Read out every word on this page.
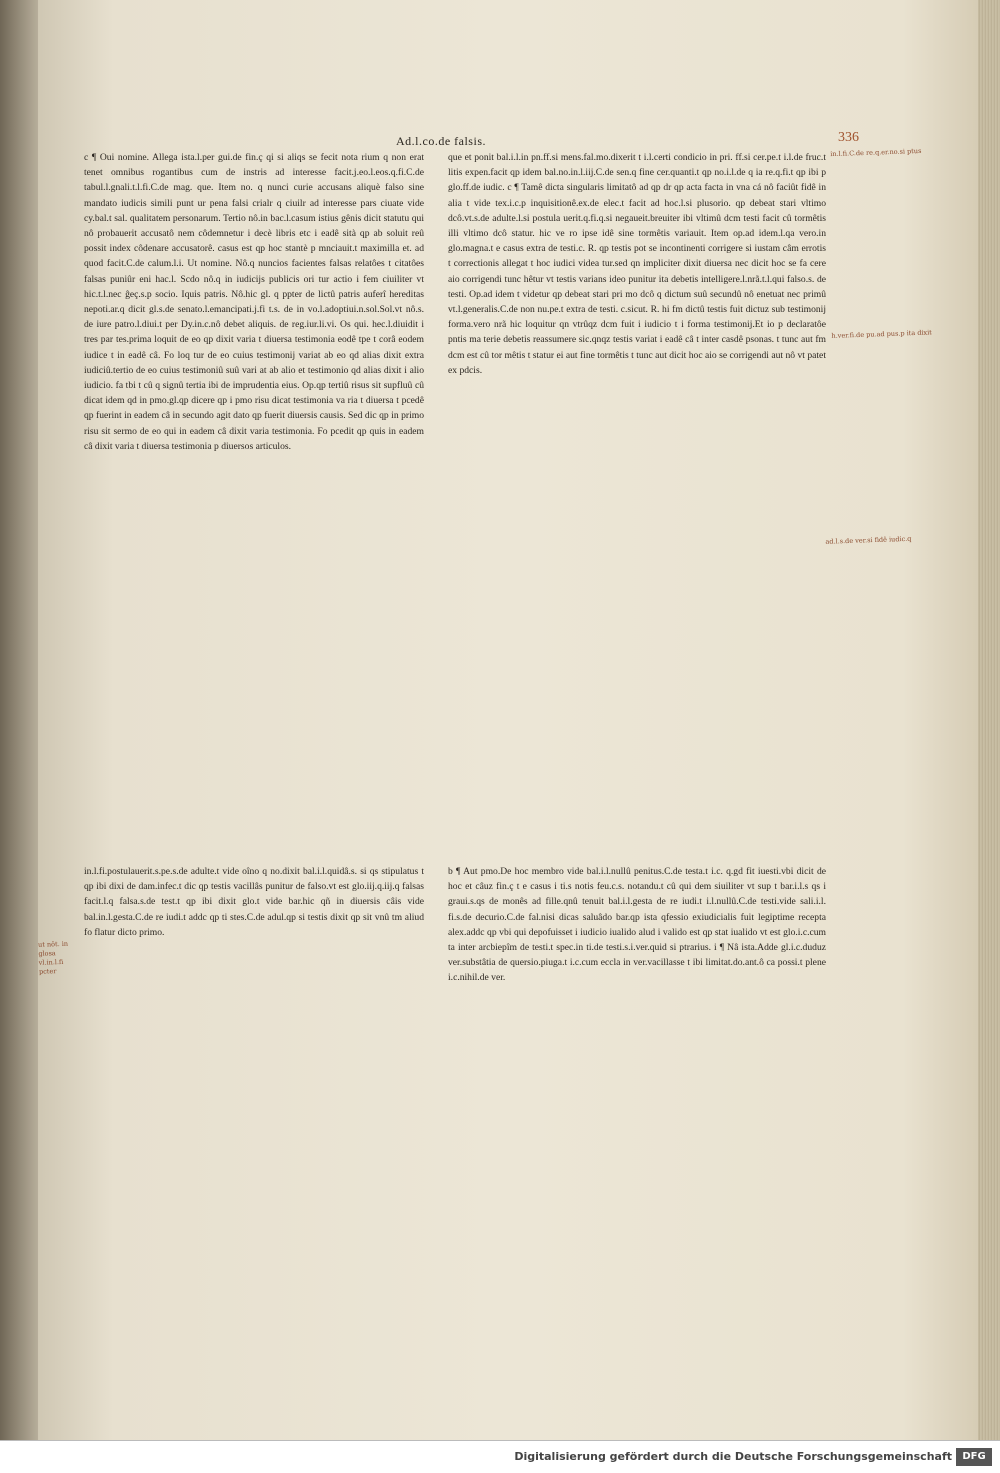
Ad.l.co.de falsis.	336
c ¶ Oui nomine. Allega ista.l.per gui.de fin.ç qi si aliqs se fecit nota rium q non erat tenet omnibus rogantibus cum de instris ad interesse facit.j.eo.l.eos.q.fi.C.de tabul.l.gnali.t.l.fi.C.de mag. que. Item no. q nunci curie accusans aliquè falso sine mandato iudicis simili punt ur pena falsi crialr q ciuilr ad interesse pars ciuate vide cy.bal.t sal. qualitatem personarum. Tertio nô.in bac.l.casum istius gênis dicit statutu qui nô probauerit accusatô nem côdemnetur i decè libris etc i eadê sità qp ab soluit reû possit index côdenare accusatorê. casus est qp hoc stantè p mnciauit.t maximilla et. ad quod facit.C.de calum.l.i. Ut nomine. Nô.q nuncios facientes falsas relatôes t citatôes falsas puniûr eni hac.l. Scdo nô.q in iudicijs publicis ori tur actio i fem ciuiliter vt hic.t.l.nec ĝeç.s.p socio. Iquis patris. Nô.hic gl. q ppter de lictû patris auferî hereditas nepoti.ar.q dicit gl.s.de senato.l.emancipati.j.fi t.s. de in vo.l.adoptiui.n.sol.Sol.vt nô.s. de iure patro.l.diui.t per Dy.in.c.nô debet aliquis. de reg.iur.li.vi. Os qui. hec.l.diuidit i tres par tes.prima loquit de eo qp dixit varia t diuersa testimonia eodê tpe t corâ eodem iudice t in eadê câ. Fo loq tur de eo cuius testimonij variat ab eo qd alias dixit extra iudiciû.tertio de eo cuius testimoniû suû vari at ab alio et testimonio qd alias dixit i alio iudicio. fa tbi t cû q signû tertia ibi de imprudentia eius. Op.qp tertiû risus sit supfluû cû dicat idem qd in pmo.gl.qp dicere qp i pmo risu dicat testimonia va ria t diuersa t pcedê qp fuerint in eadem câ in secundo agit dato qp fuerit diuersis causis. Sed dic qp in primo risu sit sermo de eo qui in eadem câ dixit varia testimonia. Fo pcedit qp quis in eadem câ dixit varia t diuersa testimonia p diuersos articulos.
que et ponit bal.i.l.in pn.ff.si mens.fal.mo.dixerit t i.l.certi condicio in pri. ff.si cer.pe.t i.l.de fruc.t litis expen.facit qp idem bal.no.in.l.iij.C.de sen.q fine cer.quanti.t qp no.i.l.de q ia re.q.fi.t qp ibi p glo.ff.de iudic. c ¶ Tamê dicta singularis limitatô ad qp dr qp acta facta in vna cá nô faciût fidê in alia t vide tex.i.c.p inquisitionê.ex.de elec.t facit ad hoc.l.si plusorio. qp debeat stari vltimo dcô.vt.s.de adulte.l.si postula uerit.q.fi.q.si negaueit.breuiter ibi vltimû dcm testi facit cû tormêtis illi vltimo dcô statur. hic ve ro ipse idê sine tormêtis variauit. Item op.ad idem.l.qa vero.in glo.magna.t e casus extra de testi.c. R. qp testis pot se incontinenti corrigere si iustam câm errotis t correctionis allegat t hoc iudici videa tur.sed qn impliciter dixit diuersa nec dicit hoc se fa cere aio corrigendi tunc hêtur vt testis varians ideo punitur ita debetis intelligere.l.nrã.t.l.qui falso.s. de testi. Op.ad idem t videtur qp debeat stari pri mo dcô q dictum suû secundû nô enetuat nec primû vt.l.generalis.C.de non nu.pe.t extra de testi. c.sicut. R. hi fm dictû testis fuit dictuz sub testimonij forma.vero nrã hic loquitur qn vtrûqz dcm fuit i iudicio t i forma testimonij.Et io p declaratôe pntis ma terie debetis reassumere sic.qnqz testis variat i eadê câ t inter casdê psonas. t tunc aut fm dcm est cû tor mêtis t statur ei aut fine tormêtis t tunc aut dicit hoc aio se corrigendi aut nô vt patet ex pdcis.
in.l.fi.postulauerit.s.pe.s.de adulte.t vide oîno q no.dixit bal.i.l.quidâ.s. si qs stipulatus t qp ibi dixi de dam.infec.t dic qp testis vacillâs punitur de falso.vt est glo.iij.q.iij.q falsas facit.l.q falsa.s.de test.t qp ibi dixit glo.t vide bar.hic qñ in diuersis câis vide bal.in.l.gesta.C.de re iudi.t addc qp ti stes.C.de adul.qp si testis dixit qp sit vnû tm aliud fo flatur dicto primo.
b ¶ Aut pmo.De hoc membro vide bal.i.l.nullû penitus.C.de testa.t i.c. q.gd fit iuesti.vbi dicit de hoc et câuz fin.ç t e casus i ti.s notis feu.c.s. notandu.t cû qui dem siuiliter vt sup t bar.i.l.s qs i graui.s.qs de monês ad fille.qnû tenuit bal.i.l.gesta de re iudi.t i.l.nullû.C.de testi.vide sali.i.l. fi.s.de decurio.C.de fal.nisi dicas saluâdo bar.qp ista qfessio exiudicialis fuit legiptime recepta alex.addc qp vbi qui depofuisset i iudicio iualido alud i valido est qp stat iualido vt est glo.i.c.cum ta inter arcbiepîm de testi.t spec.in ti.de testi.s.i.ver.quid si ptrarius. i ¶ Nâ ista.Adde gl.i.c.duduz ver.substâtia de quersio.piuga.t i.c.cum eccla in ver.vacillasse t ibi limitat.do.ant.ô ca possi.t plene i.c.nihil.de ver.
in.l.fi.C.de re.q.er.no.si ptus
h.ver.fi.de pu.ad pus.p ita dixit
ad.l.s.de ver.si fidê iudic.q
ut nôt. in glosa vl.in.l.fi pcter
Digitalisierung gefördert durch die Deutsche Forschungsgemeinschaft	DFG
